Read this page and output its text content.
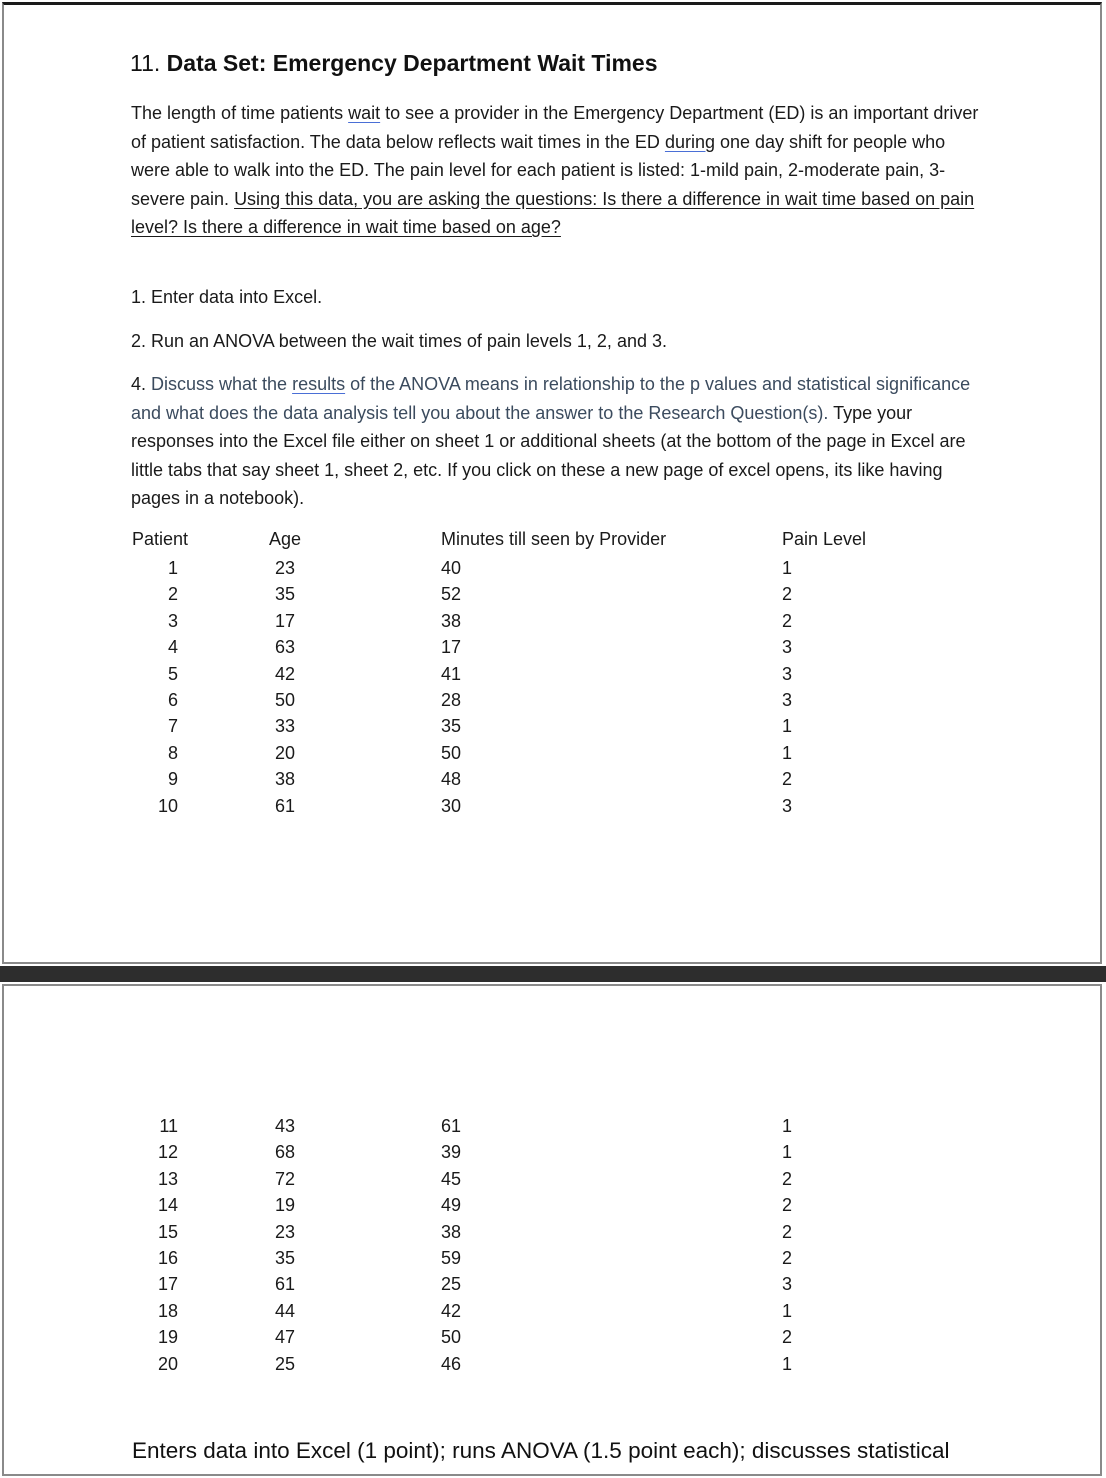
11. Data Set: Emergency Department Wait Times

The length of time patients wait to see a provider in the Emergency Department (ED) is an important driver of patient satisfaction. The data below reflects wait times in the ED during one day shift for people who were able to walk into the ED. The pain level for each patient is listed: 1-mild pain, 2-moderate pain, 3-severe pain. Using this data, you are asking the questions: Is there a difference in wait time based on pain level? Is there a difference in wait time based on age?

1. Enter data into Excel.

2. Run an ANOVA between the wait times of pain levels 1, 2, and 3.

4. Discuss what the results of the ANOVA means in relationship to the p values and statistical significance and what does the data analysis tell you about the answer to the Research Question(s). Type your responses into the Excel file either on sheet 1 or additional sheets (at the bottom of the page in Excel are little tabs that say sheet 1, sheet 2, etc. If you click on these a new page of excel opens, its like having pages in a notebook).

Patient	Age	Minutes till seen by Provider	Pain Level
1	23	40	1
2	35	52	2
3	17	38	2
4	63	17	3
5	42	41	3
6	50	28	3
7	33	35	1
8	20	50	1
9	38	48	2
10	61	30	3
11	43	61	1
12	68	39	1
13	72	45	2
14	19	49	2
15	23	38	2
16	35	59	2
17	61	25	3
18	44	42	1
19	47	50	2
20	25	46	1
Enters data into Excel (1 point); runs ANOVA (1.5 point each); discusses statistical
